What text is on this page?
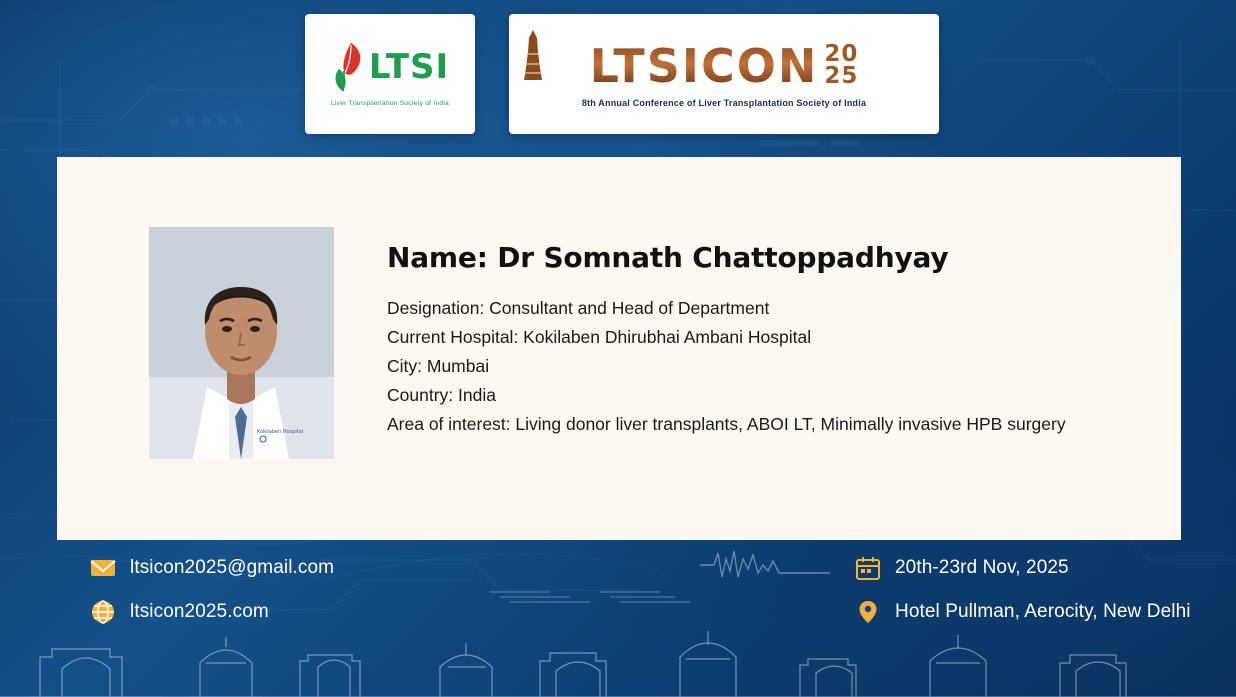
LTSI
Liver Transplantation Society of India
LTSICON 20
25
8th Annual Conference of Liver Transplantation Society of India
Kokilaben Hospital
Name: Dr Somnath Chattoppadhyay
Designation: Consultant and Head of Department
Current Hospital: Kokilaben Dhirubhai Ambani Hospital
City: Mumbai
Country: India
Area of interest: Living donor liver transplants, ABOI LT, Minimally invasive HPB surgery
ltsicon2025@gmail.com
ltsicon2025.com
20th-23rd Nov, 2025
Hotel Pullman, Aerocity, New Delhi
